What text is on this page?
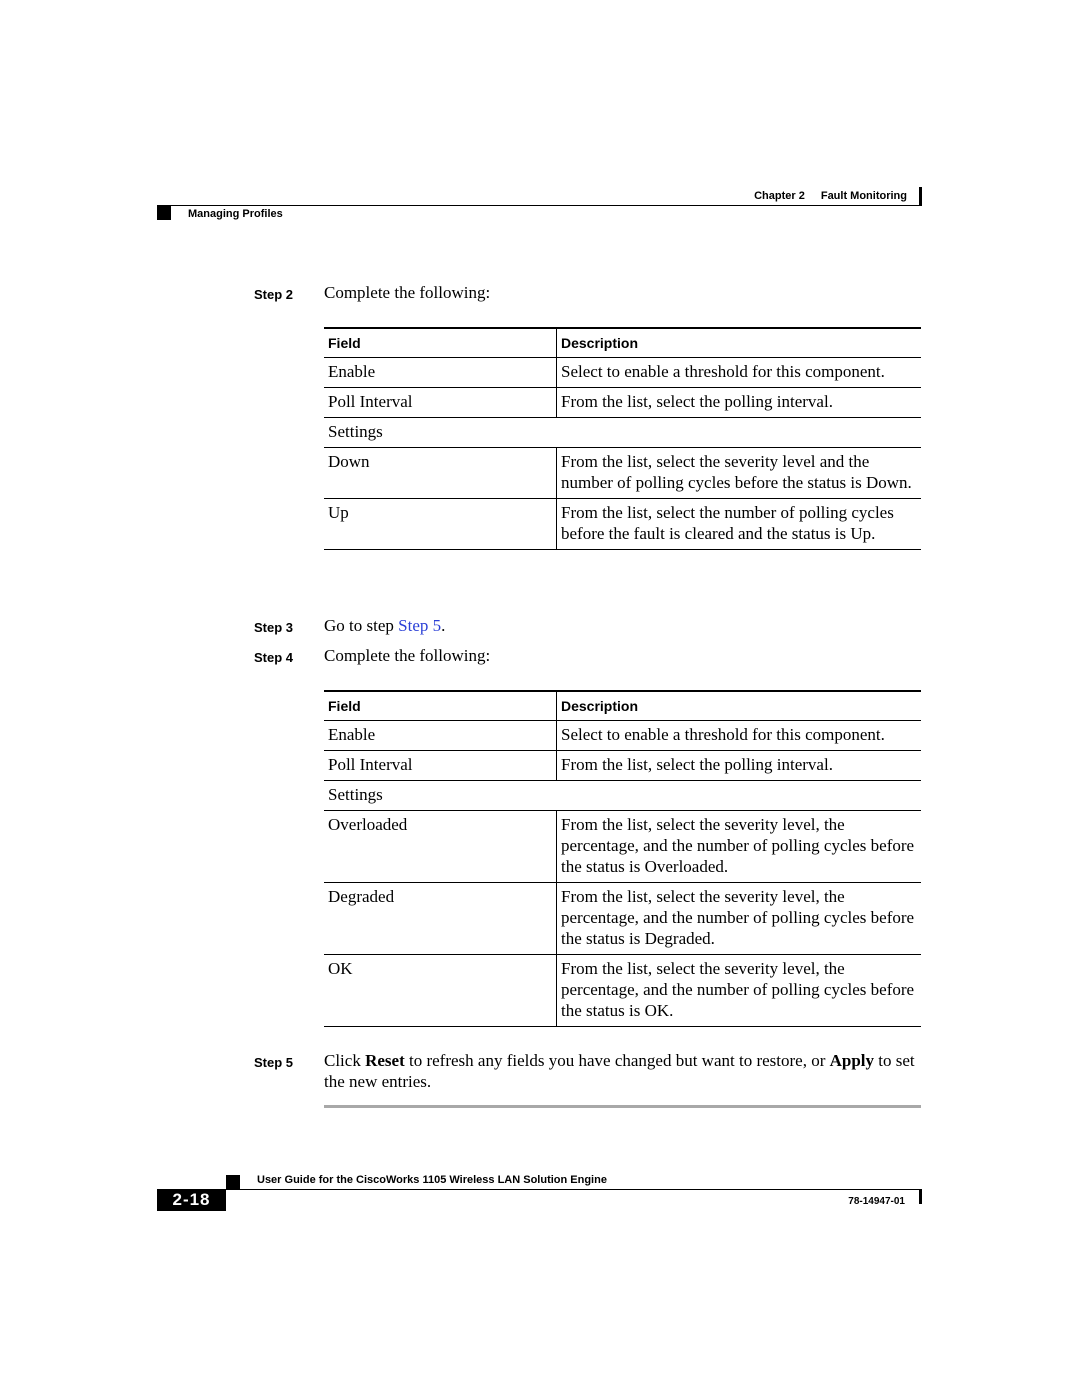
Chapter 2 Fault Monitoring
Managing Profiles
Step 2 Complete the following:
Field	Description
Enable	Select to enable a threshold for this component.
Poll Interval	From the list, select the polling interval.
Settings	
Down	From the list, select the severity level and the number of polling cycles before the status is Down.
Up	From the list, select the number of polling cycles before the fault is cleared and the status is Up.
Step 3 Go to step Step 5.
Step 4 Complete the following:
Field	Description
Enable	Select to enable a threshold for this component.
Poll Interval	From the list, select the polling interval.
Settings	
Overloaded	From the list, select the severity level, the percentage, and the number of polling cycles before the status is Overloaded.
Degraded	From the list, select the severity level, the percentage, and the number of polling cycles before the status is Degraded.
OK	From the list, select the severity level, the percentage, and the number of polling cycles before the status is OK.
Step 5 Click Reset to refresh any fields you have changed but want to restore, or Apply to set the new entries.
User Guide for the CiscoWorks 1105 Wireless LAN Solution Engine
2-18	78-14947-01
